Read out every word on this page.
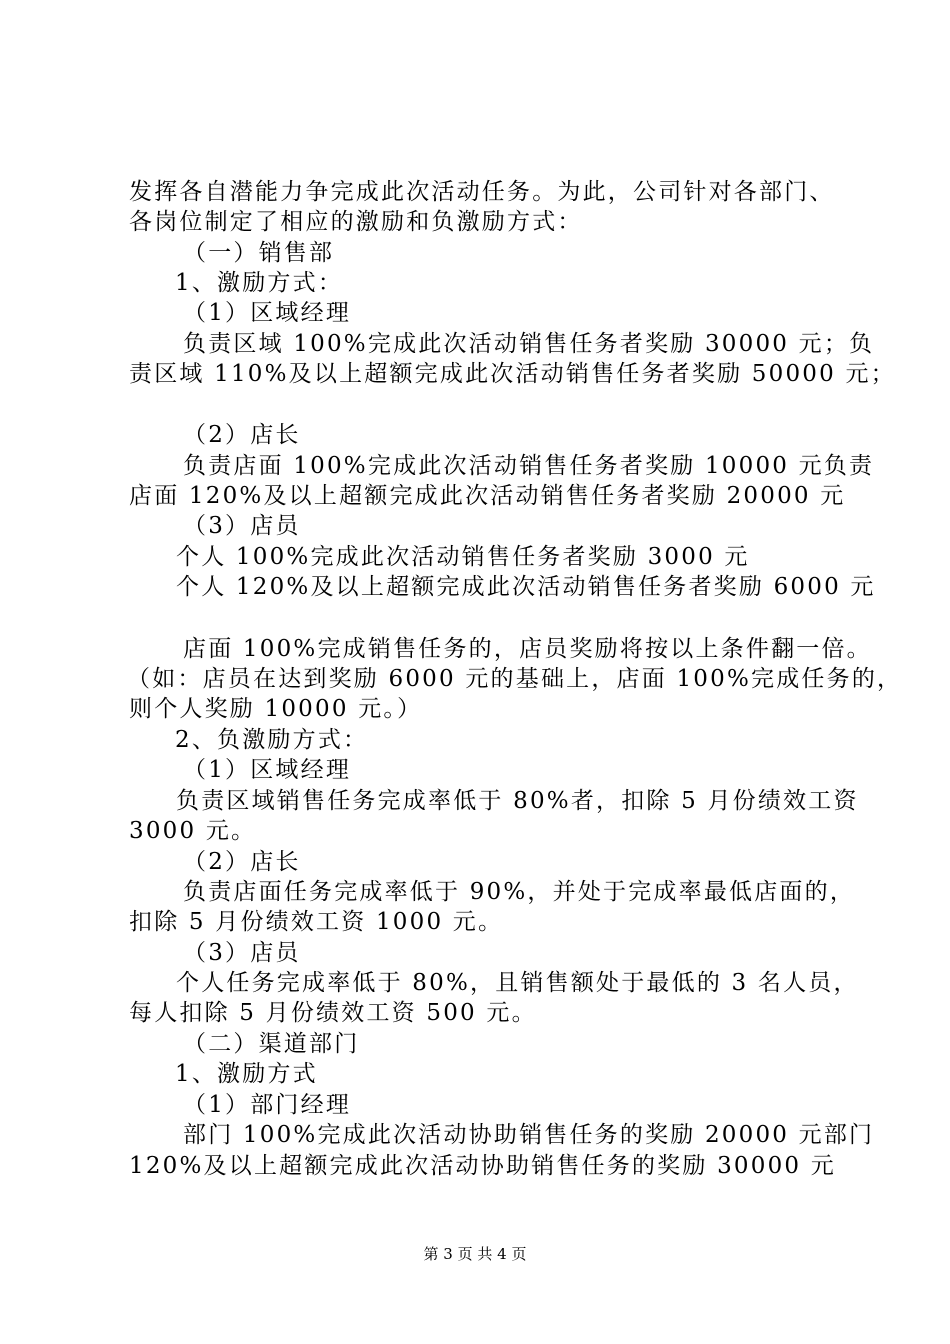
发挥各自潜能力争完成此次活动任务。为此，公司针对各部门、
各岗位制定了相应的激励和负激励方式：
（一）销售部
1、激励方式：
（1）区域经理
负责区域 100%完成此次活动销售任务者奖励 30000 元；负
责区域 110%及以上超额完成此次活动销售任务者奖励 50000 元；
（2）店长
负责店面 100%完成此次活动销售任务者奖励 10000 元负责
店面 120%及以上超额完成此次活动销售任务者奖励 20000 元
（3）店员
个人 100%完成此次活动销售任务者奖励 3000 元
个人 120%及以上超额完成此次活动销售任务者奖励 6000 元
店面 100%完成销售任务的，店员奖励将按以上条件翻一倍。
（如：店员在达到奖励 6000 元的基础上，店面 100%完成任务的，
则个人奖励 10000 元。）
2、负激励方式：
（1）区域经理
负责区域销售任务完成率低于 80%者，扣除 5 月份绩效工资
3000 元。
（2）店长
负责店面任务完成率低于 90%，并处于完成率最低店面的，
扣除 5 月份绩效工资 1000 元。
（3）店员
个人任务完成率低于 80%，且销售额处于最低的 3 名人员，
每人扣除 5 月份绩效工资 500 元。
（二）渠道部门
1、激励方式
（1）部门经理
部门 100%完成此次活动协助销售任务的奖励 20000 元部门
120%及以上超额完成此次活动协助销售任务的奖励 30000 元
第 3 页 共 4 页
